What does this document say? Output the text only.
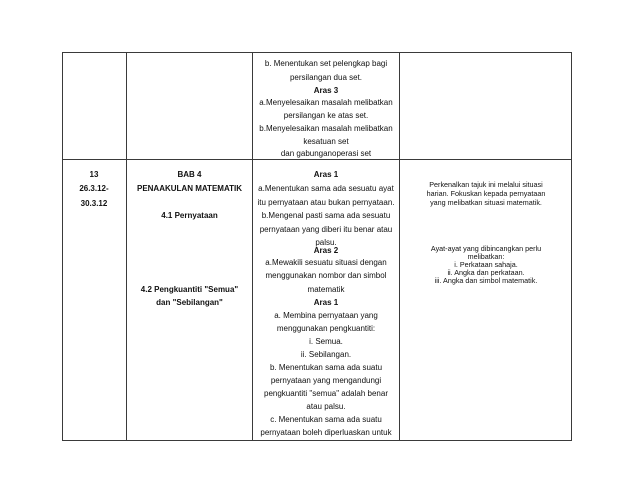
b. Menentukan set pelengkap bagi
persilangan dua set.
Aras 3
a.Menyelesaikan masalah melibatkan
persilangan ke atas set.
b.Menyelesaikan masalah melibatkan
kesatuan set
dan gabunganoperasi set
13
26.3.12-
30.3.12
BAB 4
PENAAKULAN MATEMATIK
4.1 Pernyataan
4.2 Pengkuantiti "Semua"
dan "Sebilangan"
Aras 1
a.Menentukan sama ada sesuatu ayat
itu pernyataan atau bukan pernyataan.
b.Mengenal pasti sama ada sesuatu
pernyataan yang diberi itu benar atau
palsu.
Aras 2
a.Mewakili sesuatu situasi dengan
menggunakan nombor dan simbol
matematik
Aras 1
a. Membina pernyataan yang
menggunakan pengkuantiti:
i. Semua.
ii. Sebilangan.
b. Menentukan sama ada suatu
pernyataan yang mengandungi
pengkuantiti "semua" adalah benar
atau palsu.
c. Menentukan sama ada suatu
pernyataan boleh diperluaskan untuk
Perkenalkan tajuk ini melalui situasi
harian. Fokuskan kepada pernyataan
yang melibatkan situasi matematik.
Ayat-ayat yang dibincangkan perlu
melibatkan:
i. Perkataan sahaja.
ii. Angka dan perkataan.
iii. Angka dan simbol matematik.
